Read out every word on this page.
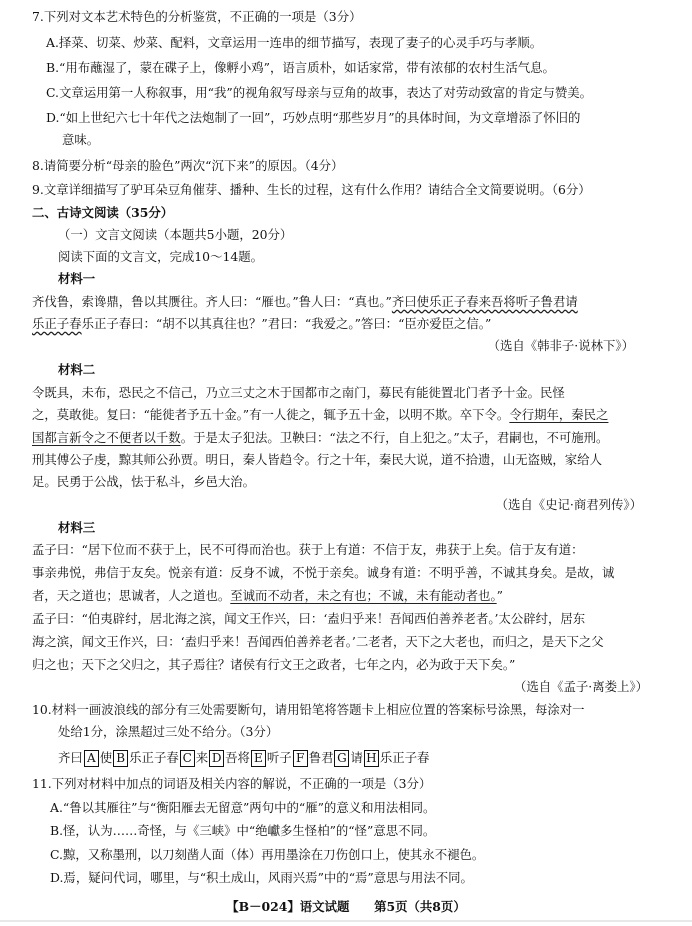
7.下列对文本艺术特色的分析鉴赏，不正确的一项是（3分）
A.择菜、切菜、炒菜、配料，文章运用一连串的细节描写，表现了妻子的心灵手巧与孝顺。
B.“用布蘸湿了，蒙在碟子上，像孵小鸡”，语言质朴，如话家常，带有浓郁的农村生活气息。
C.文章运用第一人称叙事，用“我”的视角叙写母亲与豆角的故事，表达了对劳动致富的肯定与赞美。
D.“如上世纪六七十年代之法炮制了一回”，巧妙点明“那些岁月”的具体时间，为文章增添了怀旧的
意味。
8.请简要分析“母亲的脸色”两次“沉下来”的原因。（4分）
9.文章详细描写了驴耳朵豆角催芽、播种、生长的过程，这有什么作用？请结合全文简要说明。（6分）
二、古诗文阅读（35分）
（一）文言文阅读（本题共5小题，20分）
阅读下面的文言文，完成10～14题。
材料一
齐伐鲁，索谗鼎，鲁以其赝往。齐人曰：“雁也。”鲁人曰：“真也。”齐曰使乐正子春来吾将听子鲁君请
乐正子春乐正子春曰：“胡不以其真往也？”君曰：“我爱之。”答曰：“臣亦爱臣之信。”
（选自《韩非子·说林下》）
材料二
令既具，未布，恐民之不信己，乃立三丈之木于国都市之南门，募民有能徙置北门者予十金。民怪
之，莫敢徙。复曰：“能徙者予五十金。”有一人徙之，辄予五十金，以明不欺。卒下令。令行期年，秦民之
国都言新令之不便者以千数。于是太子犯法。卫鞅曰：“法之不行，自上犯之。”太子，君嗣也，不可施刑。
刑其傅公子虔，黥其师公孙贾。明日，秦人皆趋令。行之十年，秦民大说，道不拾遗，山无盗贼，家给人
足。民勇于公战，怯于私斗，乡邑大治。
（选自《史记·商君列传》）
材料三
孟子曰：“居下位而不获于上，民不可得而治也。获于上有道：不信于友，弗获于上矣。信于友有道：
事亲弗悦，弗信于友矣。悦亲有道：反身不诚，不悦于亲矣。诚身有道：不明乎善，不诚其身矣。是故，诚
者，天之道也；思诚者，人之道也。至诚而不动者，未之有也；不诚，未有能动者也。”
孟子曰：“伯夷辟纣，居北海之滨，闻文王作兴，曰：‘盍归乎来！吾闻西伯善养老者。’太公辟纣，居东
海之滨，闻文王作兴，曰：‘盍归乎来！吾闻西伯善养老者。’二老者，天下之大老也，而归之，是天下之父
归之也；天下之父归之，其子焉往？诸侯有行文王之政者，七年之内，必为政于天下矣。”
（选自《孟子·离娄上》）
10.材料一画波浪线的部分有三处需要断句，请用铅笔将答题卡上相应位置的答案标号涂黑，每涂对一
处给1分，涂黑超过三处不给分。（3分）
齐曰 A 使 B 乐正子春 C 来 D 吾将 E 听子 F 鲁君 G 请 H 乐正子春
11.下列对材料中加点的词语及相关内容的解说，不正确的一项是（3分）
A.“鲁以其雁往”与“衡阳雁去无留意”两句中的“雁”的意义和用法相同。
B.怪，认为……奇怪，与《三峡》中“绝巘多生怪柏”的“怪”意思不同。
C.黥，又称墨刑，以刀刻凿人面（体）再用墨涂在刀伤创口上，使其永不褪色。
D.焉，疑问代词，哪里，与“积土成山，风雨兴焉”中的“焉”意思与用法不同。
【B－024】语文试题　　第5页（共8页）
